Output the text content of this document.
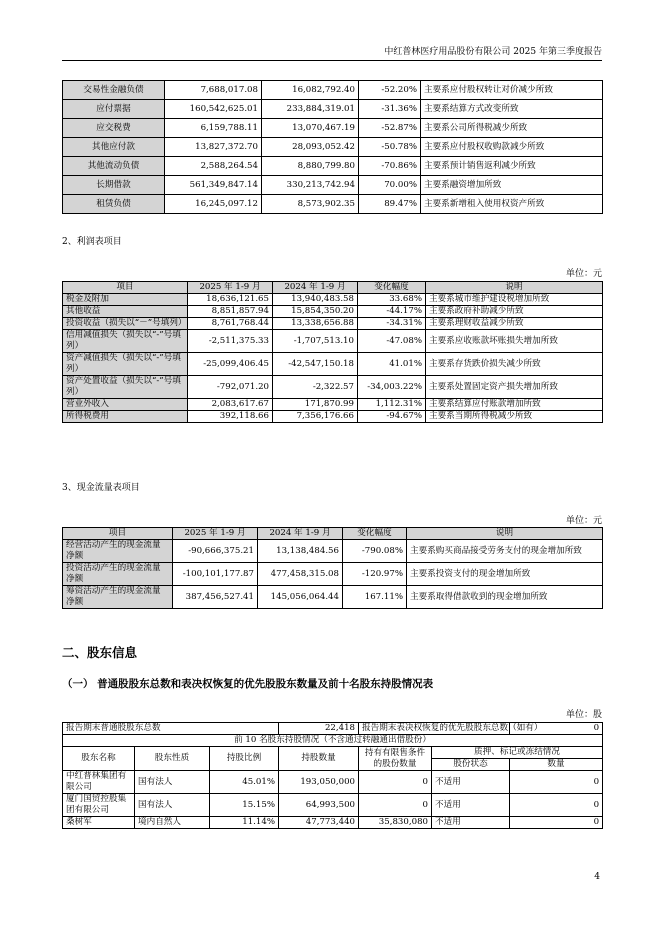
中红普林医疗用品股份有限公司 2025 年第三季度报告
交易性金融负债	7,688,017.08	16,082,792.40	-52.20%	主要系应付股权转让对价减少所致
应付票据	160,542,625.01	233,884,319.01	-31.36%	主要系结算方式改变所致
应交税费	6,159,788.11	13,070,467.19	-52.87%	主要系公司所得税减少所致
其他应付款	13,827,372.70	28,093,052.42	-50.78%	主要系应付股权收购款减少所致
其他流动负债	2,588,264.54	8,880,799.80	-70.86%	主要系预计销售返利减少所致
长期借款	561,349,847.14	330,213,742.94	70.00%	主要系融资增加所致
租赁负债	16,245,097.12	8,573,902.35	89.47%	主要系新增租入使用权资产所致
2、利润表项目
单位：元
项目	2025 年 1-9 月	2024 年 1-9 月	变化幅度	说明
税金及附加	18,636,121.65	13,940,483.58	33.68%	主要系城市维护建设税增加所致
其他收益	8,851,857.94	15,854,350.20	-44.17%	主要系政府补助减少所致
投资收益（损失以“－”号填列）	8,761,768.44	13,338,656.88	-34.31%	主要系理财收益减少所致
信用减值损失（损失以“-”号填列）	-2,511,375.33	-1,707,513.10	-47.08%	主要系应收账款坏账损失增加所致
资产减值损失（损失以“-”号填列）	-25,099,406.45	-42,547,150.18	41.01%	主要系存货跌价损失减少所致
资产处置收益（损失以“-”号填列）	-792,071.20	-2,322.57	-34,003.22%	主要系处置固定资产损失增加所致
营业外收入	2,083,617.67	171,870.99	1,112.31%	主要系结算应付账款增加所致
所得税费用	392,118.66	7,356,176.66	-94.67%	主要系当期所得税减少所致
3、现金流量表项目
单位：元
项目	2025 年 1-9 月	2024 年 1-9 月	变化幅度	说明
经营活动产生的现金流量净额	-90,666,375.21	13,138,484.56	-790.08%	主要系购买商品接受劳务支付的现金增加所致
投资活动产生的现金流量净额	-100,101,177.87	477,458,315.08	-120.97%	主要系投资支付的现金增加所致
筹资活动产生的现金流量净额	387,456,527.41	145,056,064.44	167.11%	主要系取得借款收到的现金增加所致
二、股东信息
（一） 普通股股东总数和表决权恢复的优先股股东数量及前十名股东持股情况表
单位：股
报告期末普通股股东总数			22,418	报告期末表决权恢复的优先股股东总数（如有）		0
前 10 名股东持股情况（不含通过转融通出借股份）						
股东名称	股东性质	持股比例	持股数量	持有有限售条件的股份数量	质押、标记或冻结情况	
					股份状态	数量
中红普林集团有限公司	国有法人	45.01%	193,050,000	0	不适用	0
厦门国贸控股集团有限公司	国有法人	15.15%	64,993,500	0	不适用	0
桑树军	境内自然人	11.14%	47,773,440	35,830,080	不适用	0
4
